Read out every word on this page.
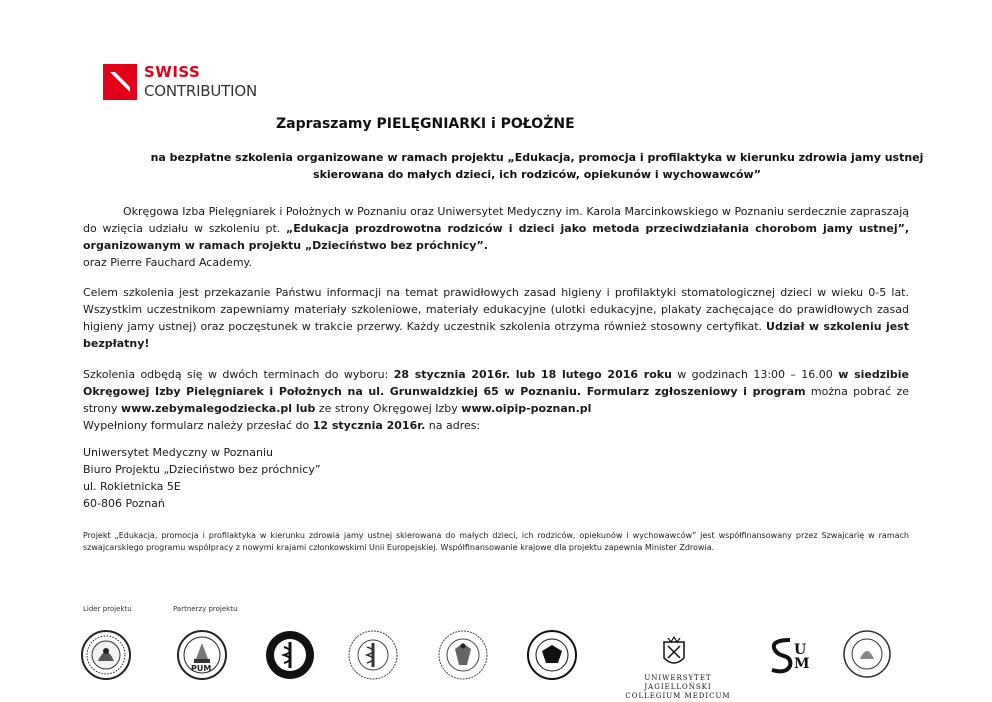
SWISS
CONTRIBUTION
Zapraszamy PIELĘGNIARKI i POŁOŻNE
na bezpłatne szkolenia organizowane w ramach projektu „Edukacja, promocja i profilaktyka w kierunku zdrowia jamy ustnej skierowana do małych dzieci, ich rodziców, opiekunów i wychowawców”
Okręgowa Izba Pielęgniarek i Położnych w Poznaniu oraz Uniwersytet Medyczny im. Karola Marcinkowskiego w Poznaniu serdecznie zapraszają do wzięcia udziału w szkoleniu pt. „Edukacja prozdrowotna rodziców i dzieci jako metoda przeciwdziałania chorobom jamy ustnej”, organizowanym w ramach projektu „Dzieciństwo bez próchnicy”.
oraz Pierre Fauchard Academy.
Celem szkolenia jest przekazanie Państwu informacji na temat prawidłowych zasad higieny i profilaktyki stomatologicznej dzieci w wieku 0-5 lat. Wszystkim uczestnikom zapewniamy materiały szkoleniowe, materiały edukacyjne (ulotki edukacyjne, plakaty zachęcające do prawidłowych zasad higieny jamy ustnej) oraz poczęstunek w trakcie przerwy. Każdy uczestnik szkolenia otrzyma również stosowny certyfikat. Udział w szkoleniu jest bezpłatny!
Szkolenia odbędą się w dwóch terminach do wyboru: 28 stycznia 2016r. lub 18 lutego 2016 roku w godzinach 13:00 – 16.00 w siedzibie Okręgowej Izby Pielęgniarek i Położnych na ul. Grunwaldzkiej 65 w Poznaniu. Formularz zgłoszeniowy i program można pobrać ze strony www.zebymalegodziecka.pl lub ze strony Okręgowej Izby www.oipip-poznan.pl
Wypełniony formularz należy przesłać do 12 stycznia 2016r. na adres:
Uniwersytet Medyczny w Poznaniu
Biuro Projektu „Dzieciństwo bez próchnicy”
ul. Rokietnicka 5E
60-806 Poznań
Projekt „Edukacja, promocja i profilaktyka w kierunku zdrowia jamy ustnej skierowana do małych dzieci, ich rodziców, opiekunów i wychowawców” jest współfinansowany przez Szwajcarię w ramach szwajcarskiego programu współpracy z nowymi krajami członkowskimi Unii Europejskiej. Współfinansowanie krajowe dla projektu zapewnia Minister Zdrowia.
Lider projektu	Partnerzy projektu
PUM
UNIWERSYTET JAGIELLOŃSKI
COLLEGIUM MEDICUM
UM
